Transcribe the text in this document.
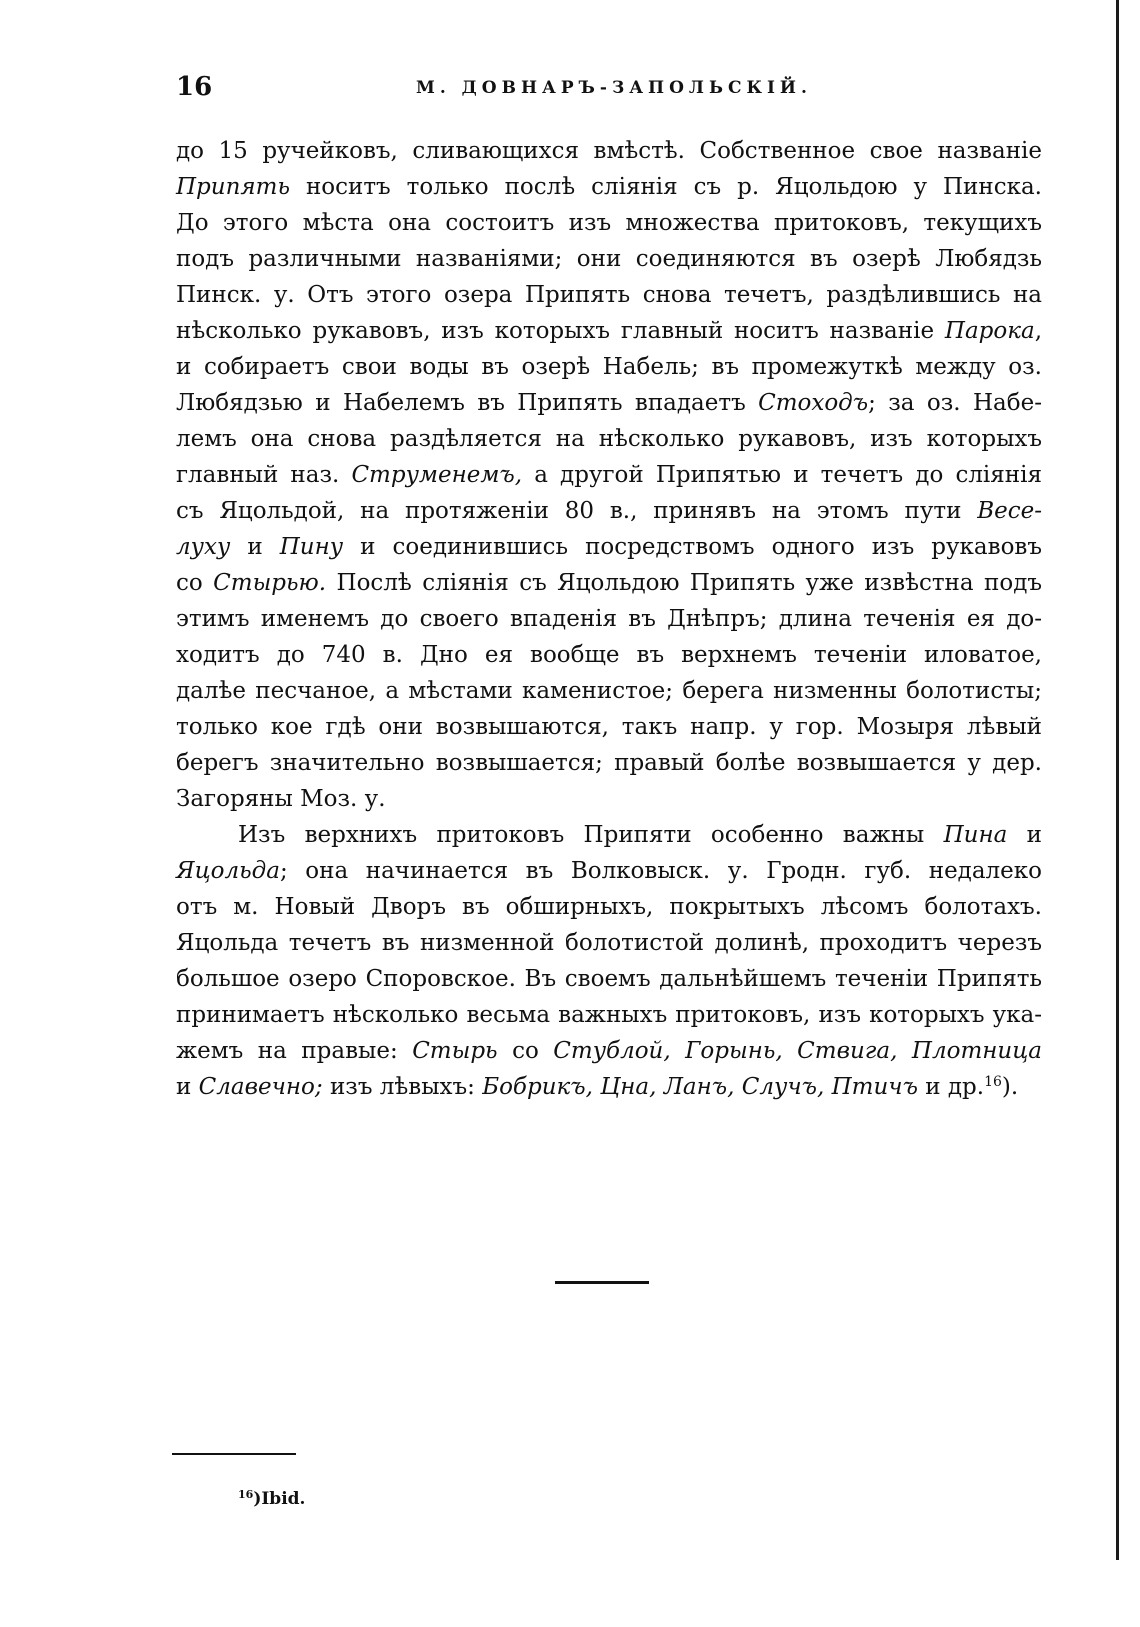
16	М. ДОВНАРЪ-ЗАПОЛЬСКІЙ.
до 15 ручейковъ, сливающихся вмѣстѣ. Собственное свое названіе
Припять носитъ только послѣ сліянія съ р. Яцольдою у Пинска.
До этого мѣста она состоитъ изъ множества притоковъ, текущихъ
подъ различными названіями; они соединяются въ озерѣ Любядзь
Пинск. у. Отъ этого озера Припять снова течетъ, раздѣлившись на
нѣсколько рукавовъ, изъ которыхъ главный носитъ названіе Парока,
и собираетъ свои воды въ озерѣ Набель; въ промежуткѣ между оз.
Любядзью и Набелемъ въ Припять впадаетъ Стоходъ; за оз. Набе-
лемъ она снова раздѣляется на нѣсколько рукавовъ, изъ которыхъ
главный наз. Струменемъ, а другой Припятью и течетъ до сліянія
съ Яцольдой, на протяженіи 80 в., принявъ на этомъ пути Весе-
луху и Пину и соединившись посредствомъ одного изъ рукавовъ
со Стырью. Послѣ сліянія съ Яцольдою Припять уже извѣстна подъ
этимъ именемъ до своего впаденія въ Днѣпръ; длина теченія ея до-
ходитъ до 740 в. Дно ея вообще въ верхнемъ теченіи иловатое,
далѣе песчаное, а мѣстами каменистое; берега низменны болотисты;
только кое гдѣ они возвышаются, такъ напр. у гор. Мозыря лѣвый
берегъ значительно возвышается; правый болѣе возвышается у дер.
Загоряны Моз. у.
Изъ верхнихъ притоковъ Припяти особенно важны Пина и
Яцольда; она начинается въ Волковыск. у. Гродн. губ. недалеко
отъ м. Новый Дворъ въ обширныхъ, покрытыхъ лѣсомъ болотахъ.
Яцольда течетъ въ низменной болотистой долинѣ, проходитъ черезъ
большое озеро Споровское. Въ своемъ дальнѣйшемъ теченіи Припять
принимаетъ нѣсколько весьма важныхъ притоковъ, изъ которыхъ ука-
жемъ на правые: Стырь со Стублой, Горынь, Ствига, Плотница
и Славечно; изъ лѣвыхъ: Бобрикъ, Цна, Ланъ, Случъ, Птичъ и др.$^{16}$).
$^{16}$)Ibid.
